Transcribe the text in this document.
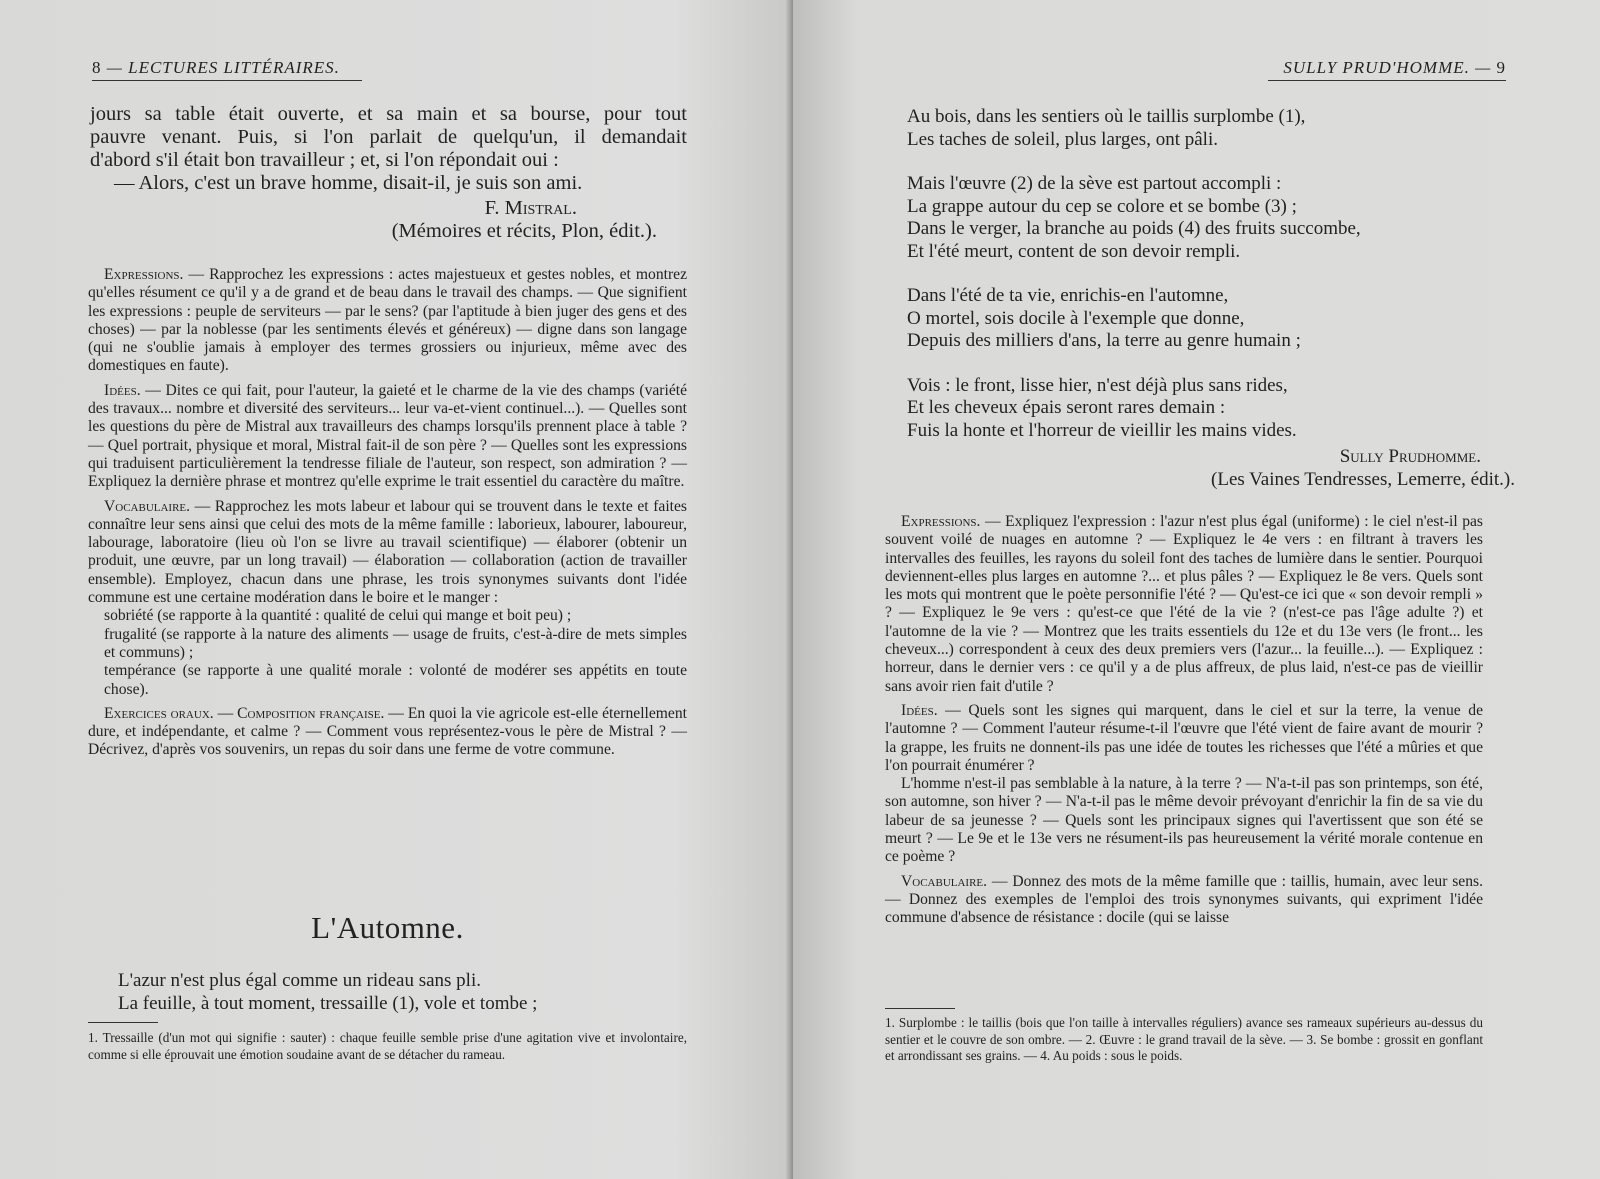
8 — LECTURES LITTÉRAIRES.

jours sa table était ouverte, et sa main et sa bourse, pour tout

pauvre venant. Puis, si l'on parlait de quelqu'un, il demandait

d'abord s'il était bon travailleur ; et, si l'on répondait oui :

— Alors, c'est un brave homme, disait-il, je suis son ami.

F. Mistral.

(Mémoires et récits, Plon, édit.).

Expressions. — Rapprochez les expressions : actes majestueux et gestes nobles, et montrez qu'elles résument ce qu'il y a de grand et de beau dans le travail des champs. — Que signifient les expressions : peuple de serviteurs — par le sens? (par l'aptitude à bien juger des gens et des choses) — par la noblesse (par les sentiments élevés et généreux) — digne dans son langage (qui ne s'oublie jamais à employer des termes grossiers ou injurieux, même avec des domestiques en faute).

Idées. — Dites ce qui fait, pour l'auteur, la gaieté et le charme de la vie des champs (variété des travaux... nombre et diversité des serviteurs... leur va-et-vient continuel...). — Quelles sont les questions du père de Mistral aux travailleurs des champs lorsqu'ils prennent place à table ? — Quel portrait, physique et moral, Mistral fait-il de son père ? — Quelles sont les expressions qui traduisent particulièrement la tendresse filiale de l'auteur, son respect, son admiration ? — Expliquez la dernière phrase et montrez qu'elle exprime le trait essentiel du caractère du maître.

Vocabulaire. — Rapprochez les mots labeur et labour qui se trouvent dans le texte et faites connaître leur sens ainsi que celui des mots de la même famille : laborieux, labourer, laboureur, labourage, laboratoire (lieu où l'on se livre au travail scientifique) — élaborer (obtenir un produit, une œuvre, par un long travail) — élaboration — collaboration (action de travailler ensemble). Employez, chacun dans une phrase, les trois synonymes suivants dont l'idée commune est une certaine modération dans le boire et le manger :

sobriété (se rapporte à la quantité : qualité de celui qui mange et boit peu) ;

frugalité (se rapporte à la nature des aliments — usage de fruits, c'est-à-dire de mets simples et communs) ;

tempérance (se rapporte à une qualité morale : volonté de modérer ses appétits en toute chose).

Exercices oraux. — Composition française. — En quoi la vie agricole est-elle éternellement dure, et indépendante, et calme ? — Comment vous représentez-vous le père de Mistral ? — Décrivez, d'après vos souvenirs, un repas du soir dans une ferme de votre commune.

L'Automne.

L'azur n'est plus égal comme un rideau sans pli.

La feuille, à tout moment, tressaille (1), vole et tombe ;

1. Tressaille (d'un mot qui signifie : sauter) : chaque feuille semble prise d'une agitation vive et involontaire, comme si elle éprouvait une émotion soudaine avant de se détacher du rameau.
SULLY PRUD'HOMME. — 9

Au bois, dans les sentiers où le taillis surplombe (1),

Les taches de soleil, plus larges, ont pâli.

Mais l'œuvre (2) de la sève est partout accompli :

La grappe autour du cep se colore et se bombe (3) ;

Dans le verger, la branche au poids (4) des fruits succombe,

Et l'été meurt, content de son devoir rempli.

Dans l'été de ta vie, enrichis-en l'automne,

O mortel, sois docile à l'exemple que donne,

Depuis des milliers d'ans, la terre au genre humain ;

Vois : le front, lisse hier, n'est déjà plus sans rides,

Et les cheveux épais seront rares demain :

Fuis la honte et l'horreur de vieillir les mains vides.

Sully Prudhomme.

(Les Vaines Tendresses, Lemerre, édit.).

Expressions. — Expliquez l'expression : l'azur n'est plus égal (uniforme) : le ciel n'est-il pas souvent voilé de nuages en automne ? — Expliquez le 4e vers : en filtrant à travers les intervalles des feuilles, les rayons du soleil font des taches de lumière dans le sentier. Pourquoi deviennent-elles plus larges en automne ?... et plus pâles ? — Expliquez le 8e vers. Quels sont les mots qui montrent que le poète personnifie l'été ? — Qu'est-ce ici que « son devoir rempli » ? — Expliquez le 9e vers : qu'est-ce que l'été de la vie ? (n'est-ce pas l'âge adulte ?) et l'automne de la vie ? — Montrez que les traits essentiels du 12e et du 13e vers (le front... les cheveux...) correspondent à ceux des deux premiers vers (l'azur... la feuille...). — Expliquez : horreur, dans le dernier vers : ce qu'il y a de plus affreux, de plus laid, n'est-ce pas de vieillir sans avoir rien fait d'utile ?

Idées. — Quels sont les signes qui marquent, dans le ciel et sur la terre, la venue de l'automne ? — Comment l'auteur résume-t-il l'œuvre que l'été vient de faire avant de mourir ? la grappe, les fruits ne donnent-ils pas une idée de toutes les richesses que l'été a mûries et que l'on pourrait énumérer ?

L'homme n'est-il pas semblable à la nature, à la terre ? — N'a-t-il pas son printemps, son été, son automne, son hiver ? — N'a-t-il pas le même devoir prévoyant d'enrichir la fin de sa vie du labeur de sa jeunesse ? — Quels sont les principaux signes qui l'avertissent que son été se meurt ? — Le 9e et le 13e vers ne résument-ils pas heureusement la vérité morale contenue en ce poème ?

Vocabulaire. — Donnez des mots de la même famille que : taillis, humain, avec leur sens. — Donnez des exemples de l'emploi des trois synonymes suivants, qui expriment l'idée commune d'absence de résistance : docile (qui se laisse

1. Surplombe : le taillis (bois que l'on taille à intervalles réguliers) avance ses rameaux supérieurs au-dessus du sentier et le couvre de son ombre. — 2. Œuvre : le grand travail de la sève. — 3. Se bombe : grossit en gonflant et arrondissant ses grains. — 4. Au poids : sous le poids.
